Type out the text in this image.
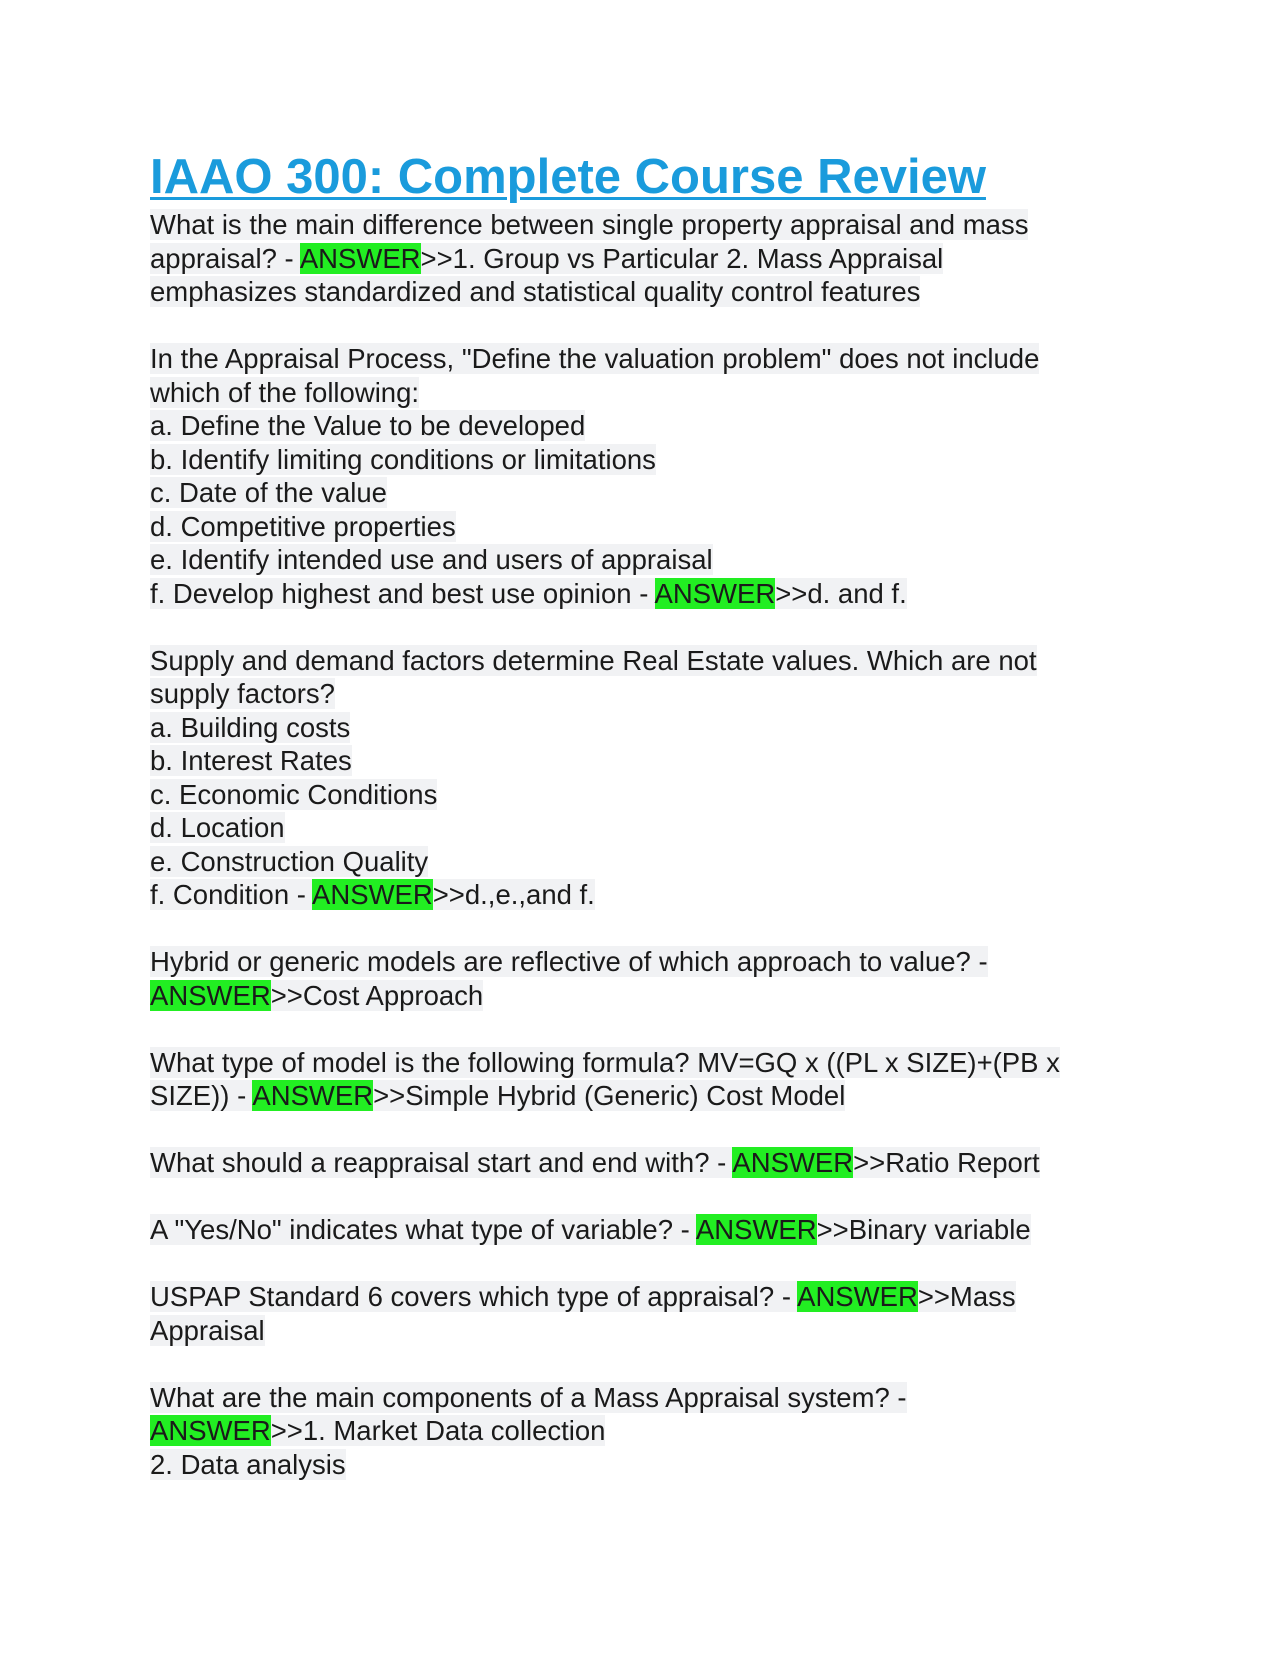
IAAO 300: Complete Course Review
What is the main difference between single property appraisal and mass
appraisal? - ANSWER>>1. Group vs Particular 2. Mass Appraisal
emphasizes standardized and statistical quality control features
In the Appraisal Process, "Define the valuation problem" does not include
which of the following:
a. Define the Value to be developed
b. Identify limiting conditions or limitations
c. Date of the value
d. Competitive properties
e. Identify intended use and users of appraisal
f. Develop highest and best use opinion - ANSWER>>d. and f.
Supply and demand factors determine Real Estate values. Which are not
supply factors?
a. Building costs
b. Interest Rates
c. Economic Conditions
d. Location
e. Construction Quality
f. Condition - ANSWER>>d.,e.,and f.
Hybrid or generic models are reflective of which approach to value? -
ANSWER>>Cost Approach
What type of model is the following formula? MV=GQ x ((PL x SIZE)+(PB x
SIZE)) - ANSWER>>Simple Hybrid (Generic) Cost Model
What should a reappraisal start and end with? - ANSWER>>Ratio Report
A "Yes/No" indicates what type of variable? - ANSWER>>Binary variable
USPAP Standard 6 covers which type of appraisal? - ANSWER>>Mass
Appraisal
What are the main components of a Mass Appraisal system? -
ANSWER>>1. Market Data collection
2. Data analysis
